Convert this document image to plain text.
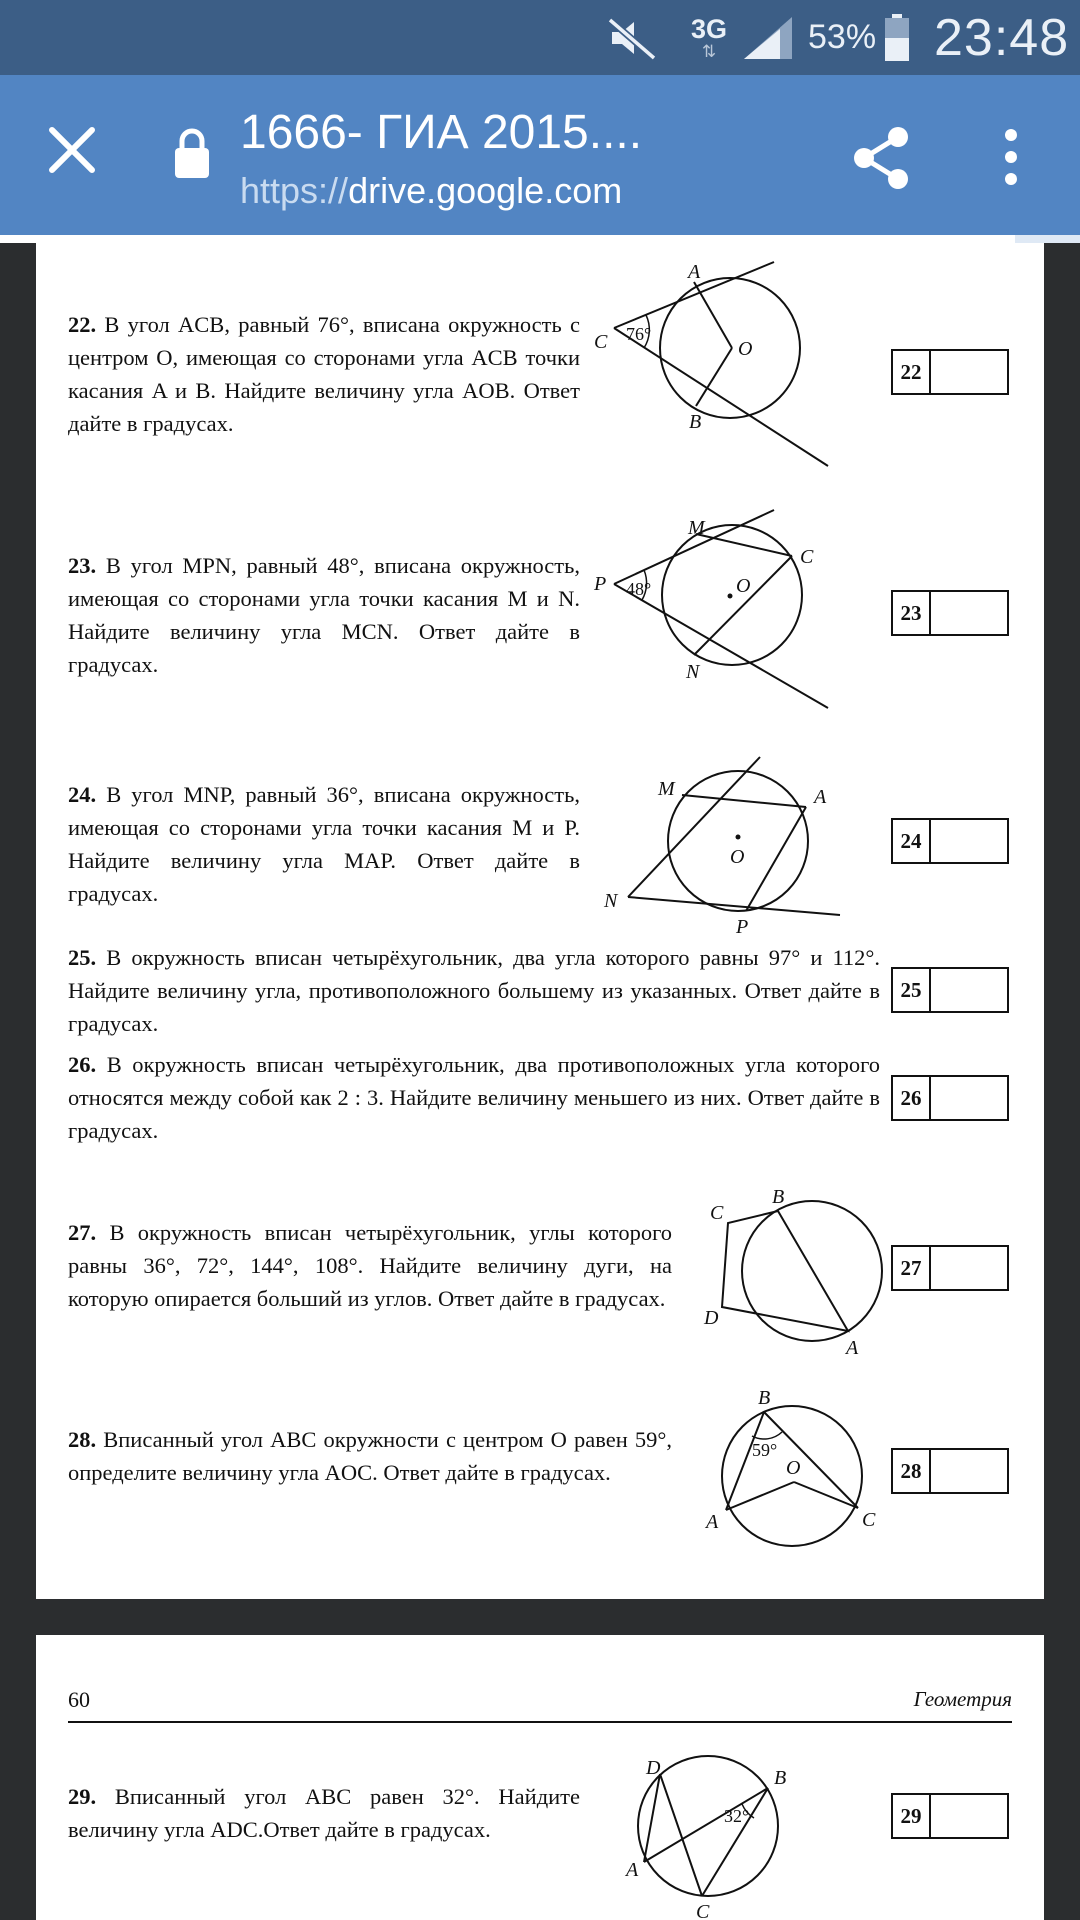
3G
⇅	53% 23:48
1666- ГИА 2015....
https://drive.google.com
22. В угол ACB, равный 76°, вписана окружность с центром O, имеющая со сторонами угла ACB точки касания A и B. Найдите величину угла AOB. Ответ дайте в градусах.
A
B
C	O
76°
22
23. В угол MPN, равный 48°, вписана окружность, имеющая со сторонами угла точки касания M и N. Найдите величину угла MCN. Ответ дайте в градусах.
M
C
P	O
N
48°
23
24. В угол MNP, равный 36°, вписана окружность, имеющая со сторонами угла точки касания M и P. Найдите величину угла MAP. Ответ дайте в градусах.
M	A
O
N
P
24
25. В окружность вписан четырёхугольник, два угла которого равны 97° и 112°. Найдите величину угла, противоположного большему из указанных. Ответ дайте в градусах.
25
26. В окружность вписан четырёхугольник, два противоположных угла которого относятся между собой как 2 : 3. Найдите величину меньшего из них. Ответ дайте в градусах.
26
27. В окружность вписан четырёхугольник, углы которого равны 36°, 72°, 144°, 108°. Найдите величину дуги, на которую опирается больший из углов. Ответ дайте в градусах.
B
C
D
A
27
28. Вписанный угол ABC окружности с центром O равен 59°, определите величину угла AOC. Ответ дайте в градусах.
B
O
A	C
59°
28
60	Геометрия
29. Вписанный угол ABC равен 32°. Найдите величину угла ADC.Ответ дайте в градусах.
D	B
A
C
32°	29
